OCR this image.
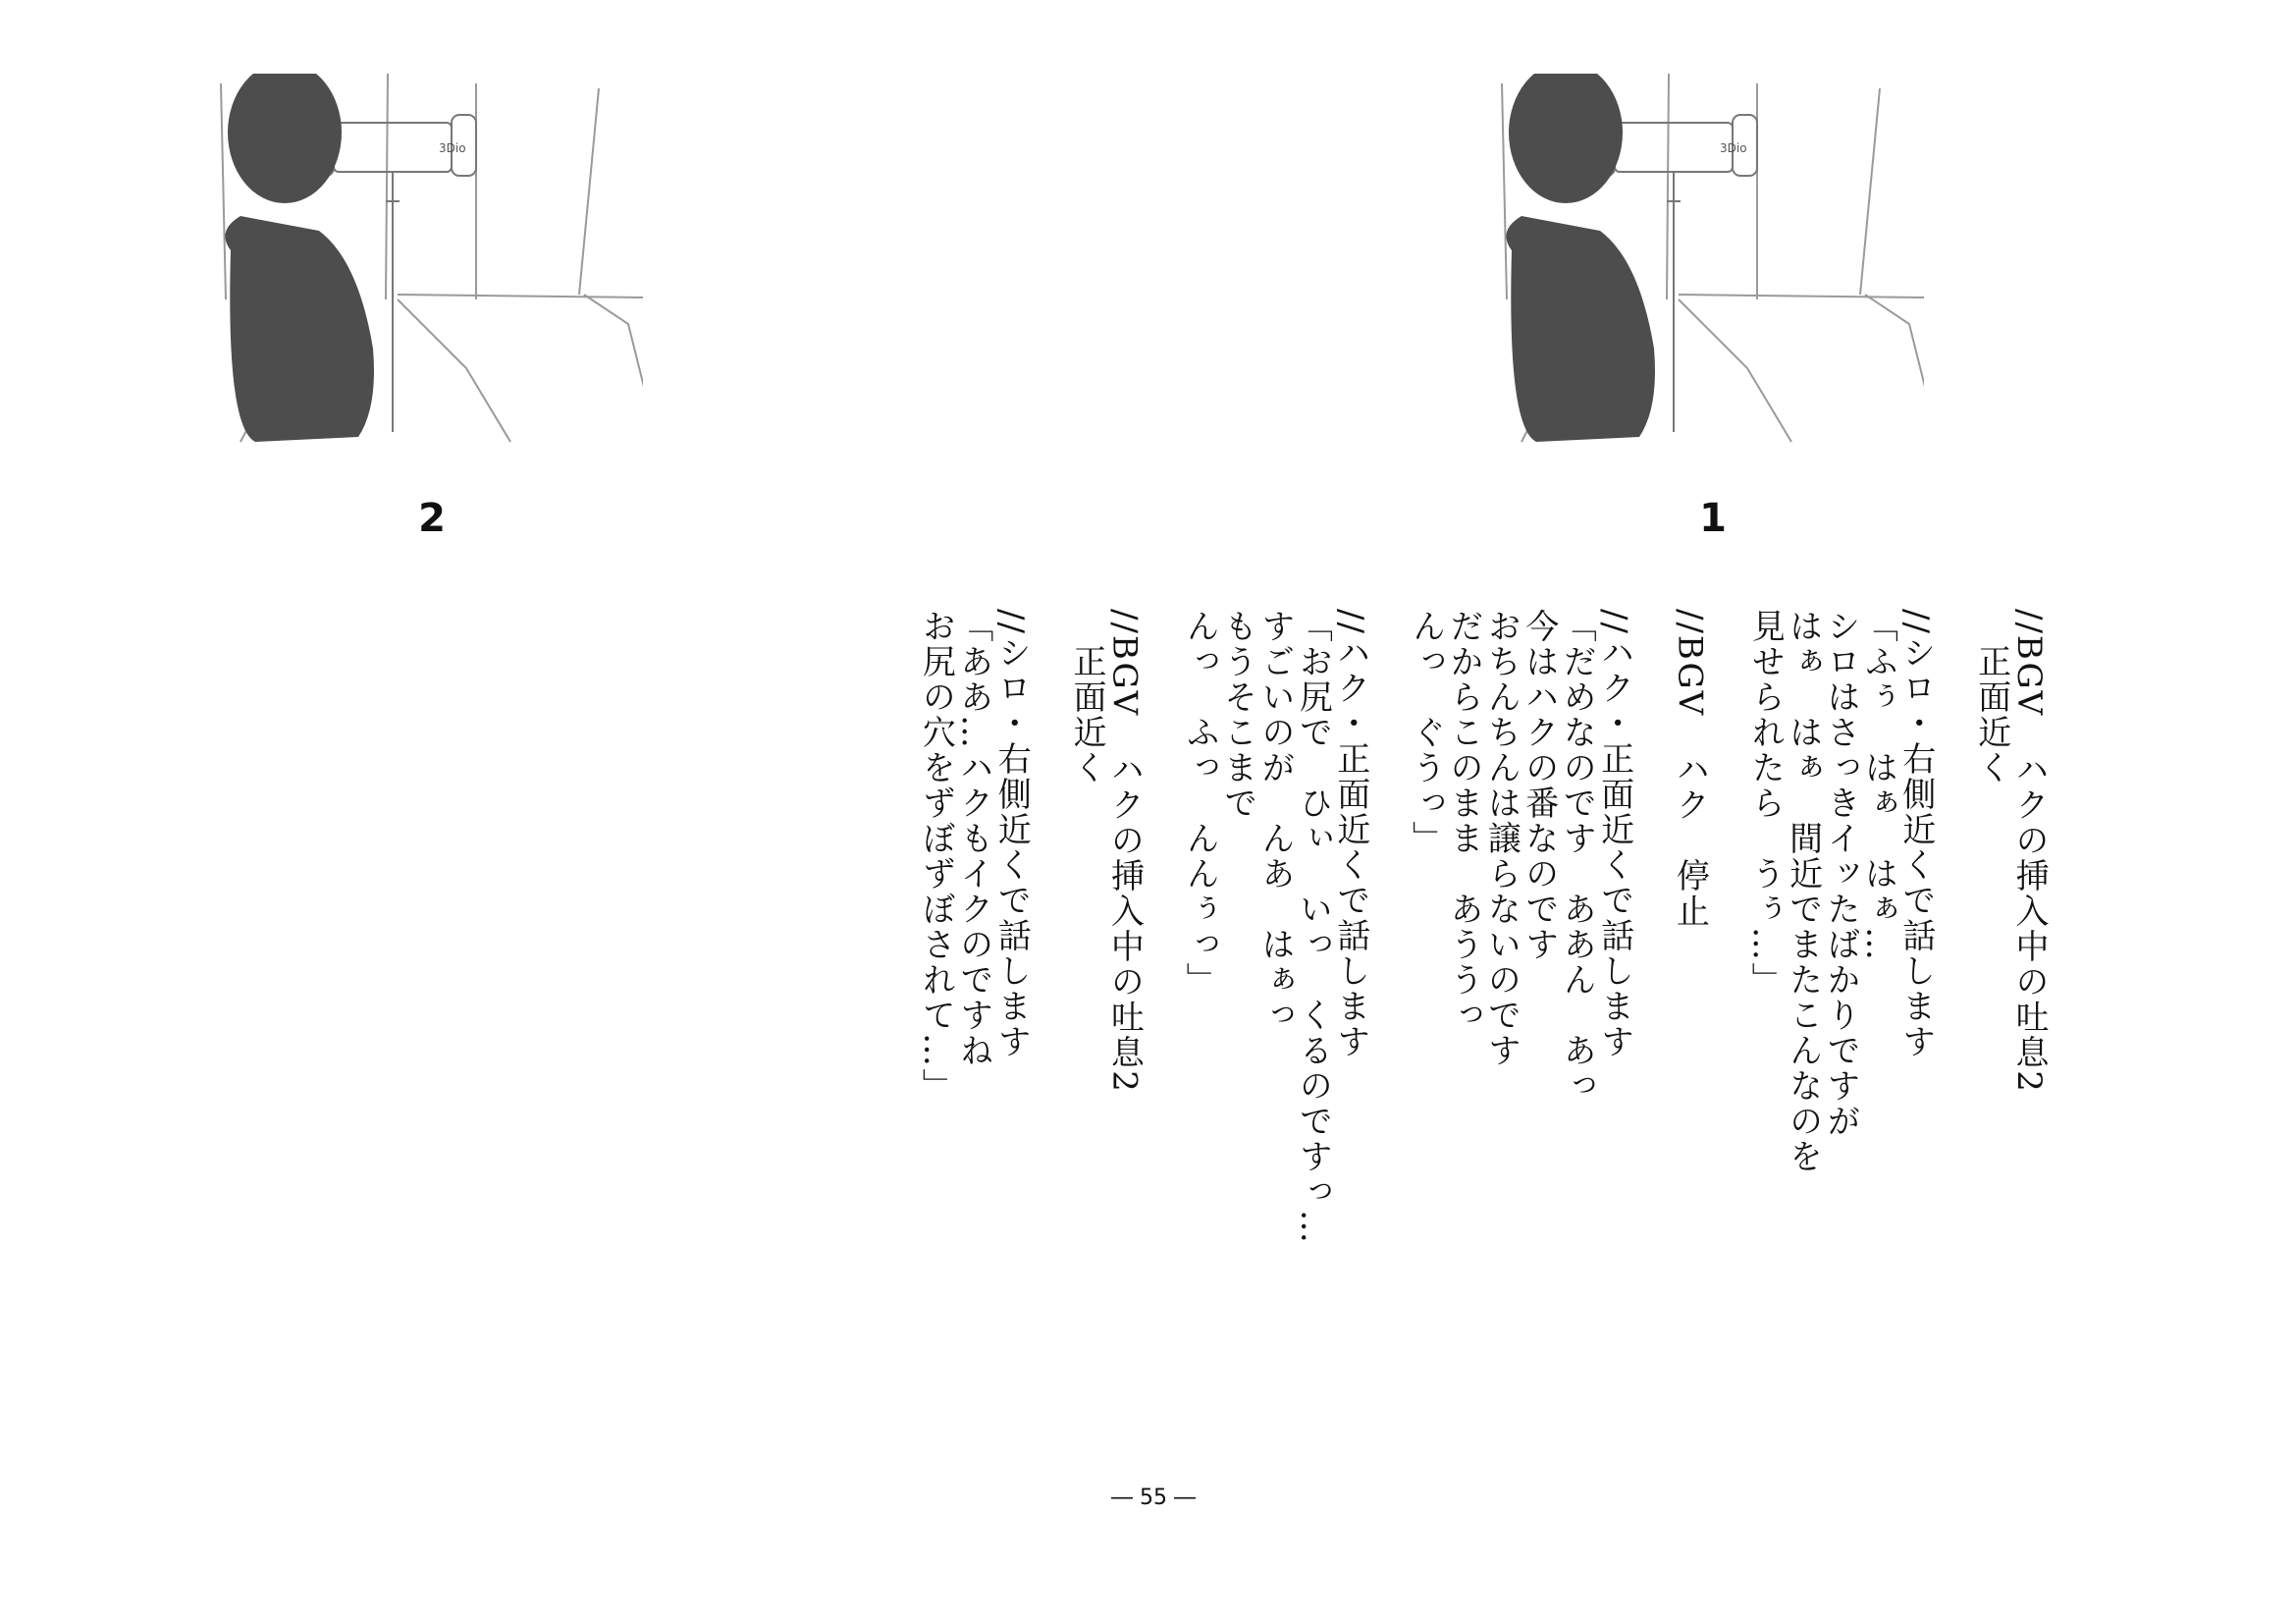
3Dio
1
3Dio
2
//BGV　ハクの挿入中の吐息2
　正面近く
//シロ・右側近くで話します
「ふぅ　はぁ　はぁ…
シロはさっきイッたばかりですが
はぁ　はぁ　間近でまたこんなのを
見せられたら　うぅ…」
//BGV　ハク　停止
//ハク・正面近くで話します
「だめなのです　ああん　あっ
今はハクの番なのです
おちんちんは譲らないのです
だからこのまま　あううっ
んっ　ぐうっ」
//ハク・正面近くで話します
「お尻で　ひぃ　いっ　くるのですっ…
すごいのが　んあ　はぁっ
もうそこまで
んっ　ふっ　んんぅっ」
//BGV　ハクの挿入中の吐息2
　正面近く
//シロ・右側近くで話します
「ああ…ハクもイクのですね
お尻の穴をずぼずぼされて…」
― 55 ―
